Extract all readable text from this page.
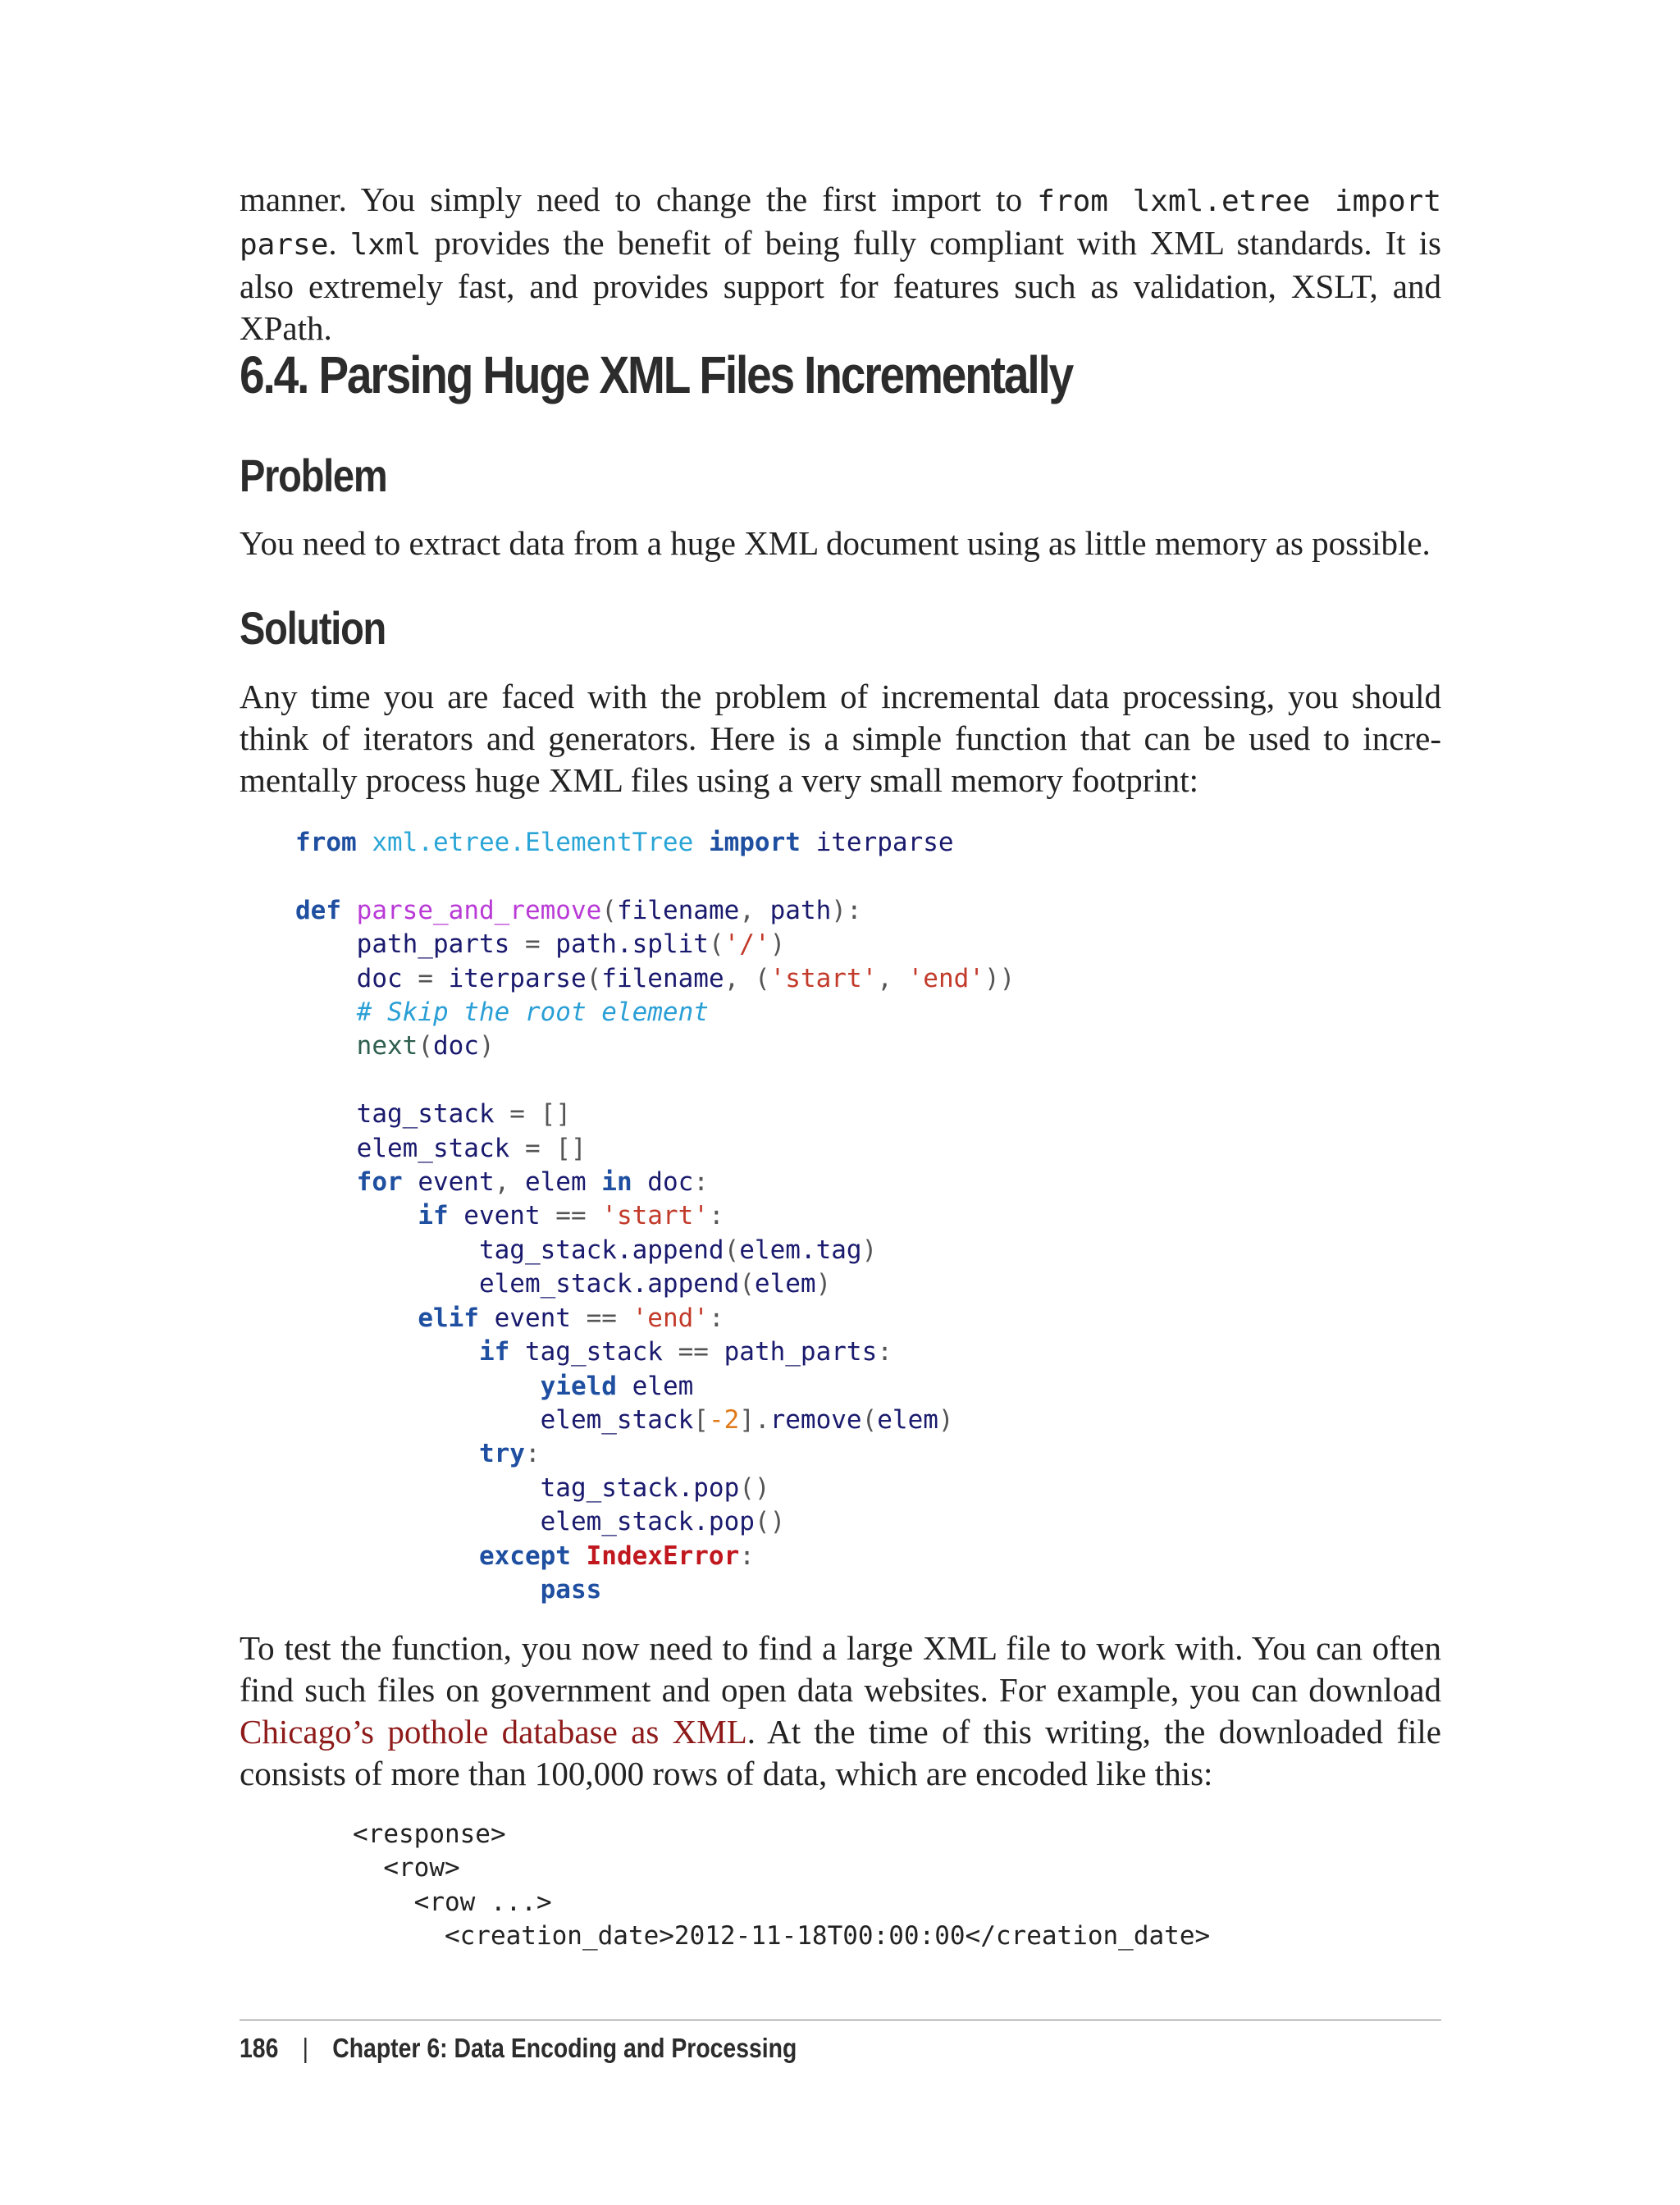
manner. You simply need to change the first import to from lxml.etree import parse. lxml provides the benefit of being fully compliant with XML standards. It is also extremely fast, and provides support for features such as validation, XSLT, and XPath.

6.4. Parsing Huge XML Files Incrementally
Problem

You need to extract data from a huge XML document using as little memory as possible.

Solution

Any time you are faced with the problem of incremental data processing, you should think of iterators and generators. Here is a simple function that can be used to incrementally process huge XML files using a very small memory footprint:

from xml.etree.ElementTree import iterparse

def parse_and_remove(filename, path):
path_parts = path.split('/')
doc = iterparse(filename, ('start', 'end'))
# Skip the root element
next(doc)

tag_stack = []
elem_stack = []
for event, elem in doc:
if event == 'start':
tag_stack.append(elem.tag)
elem_stack.append(elem)
elif event == 'end':
if tag_stack == path_parts:
yield elem
elem_stack[-2].remove(elem)
try:
tag_stack.pop()
elem_stack.pop()
except IndexError:
pass

To test the function, you now need to find a large XML file to work with. You can often find such files on government and open data websites. For example, you can download Chicago’s pothole database as XML. At the time of this writing, the downloaded file consists of more than 100,000 rows of data, which are encoded like this:

<response>
<row>
<row ...>
<creation_date>2012-11-18T00:00:00</creation_date>
186 | Chapter 6: Data Encoding and Processing
